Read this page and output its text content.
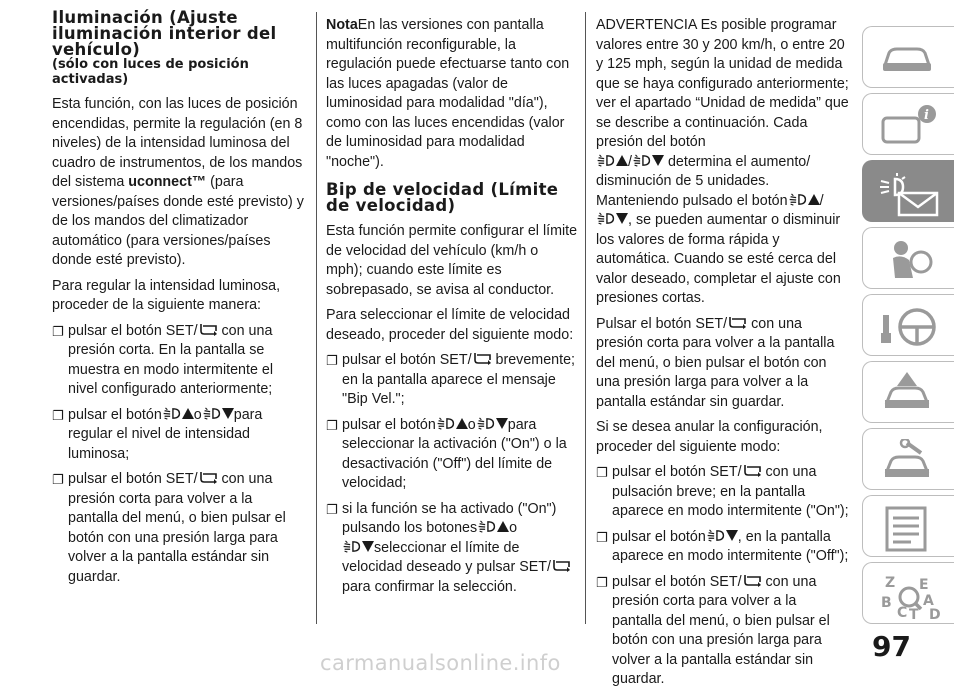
Iluminación (Ajuste iluminación interior del vehículo)
(sólo con luces de posición activadas)

Esta función, con las luces de posición encendidas, permite la regulación (en 8 niveles) de la intensidad luminosa del cuadro de instrumentos, de los mandos del sistema uconnect™ (para versiones/países donde esté previsto) y de los mandos del climatizador automático (para versiones/países donde esté previsto).

Para regular la intensidad luminosa, proceder de la siguiente manera:

❐ pulsar el botón SET/ con una presión corta. En la pantalla se muestra en modo intermitente el nivel configurado anteriormente;
❐ pulsar el botón o para regular el nivel de intensidad luminosa;
❐ pulsar el botón SET/ con una presión corta para volver a la pantalla del menú, o bien pulsar el botón con una presión larga para volver a la pantalla estándar sin guardar.

NotaEn las versiones con pantalla multifunción reconfigurable, la regulación puede efectuarse tanto con las luces apagadas (valor de luminosidad para modalidad "día"), como con las luces encendidas (valor de luminosidad para modalidad "noche").

Bip de velocidad (Límite de velocidad)

Esta función permite configurar el límite de velocidad del vehículo (km/h o mph); cuando este límite es sobrepasado, se avisa al conductor.

Para seleccionar el límite de velocidad deseado, proceder del siguiente modo:

❐ pulsar el botón SET/ brevemente; en la pantalla aparece el mensaje "Bip Vel.";
❐ pulsar el botón o para seleccionar la activación ("On") o la desactivación ("Off") del límite de velocidad;
❐ si la función se ha activado ("On") pulsando los botones o
seleccionar el límite de velocidad deseado y pulsar SET/ para confirmar la selección.

ADVERTENCIA Es posible programar valores entre 30 y 200 km/h, o entre 20 y 125 mph, según la unidad de medida que se haya configurado anteriormente; ver el apartado “Unidad de medida” que se describe a continuación. Cada presión del botón
/ determina el aumento/ disminución de 5 unidades. Manteniendo pulsado el botón /
, se pueden aumentar o disminuir los valores de forma rápida y automática. Cuando se esté cerca del valor deseado, completar el ajuste con presiones cortas.

Pulsar el botón SET/ con una presión corta para volver a la pantalla del menú, o bien pulsar el botón con una presión larga para volver a la pantalla estándar sin guardar.

Si se desea anular la configuración, proceder del siguiente modo:

❐ pulsar el botón SET/ con una pulsación breve; en la pantalla aparece en modo intermitente ("On");
❐ pulsar el botón , en la pantalla aparece en modo intermitente ("Off");
❐ pulsar el botón SET/ con una presión corta para volver a la pantalla del menú, o bien pulsar el botón con una presión larga para volver a la pantalla estándar sin guardar.
i
Z E
A
B
C T D
97
carmanualsonline.info
